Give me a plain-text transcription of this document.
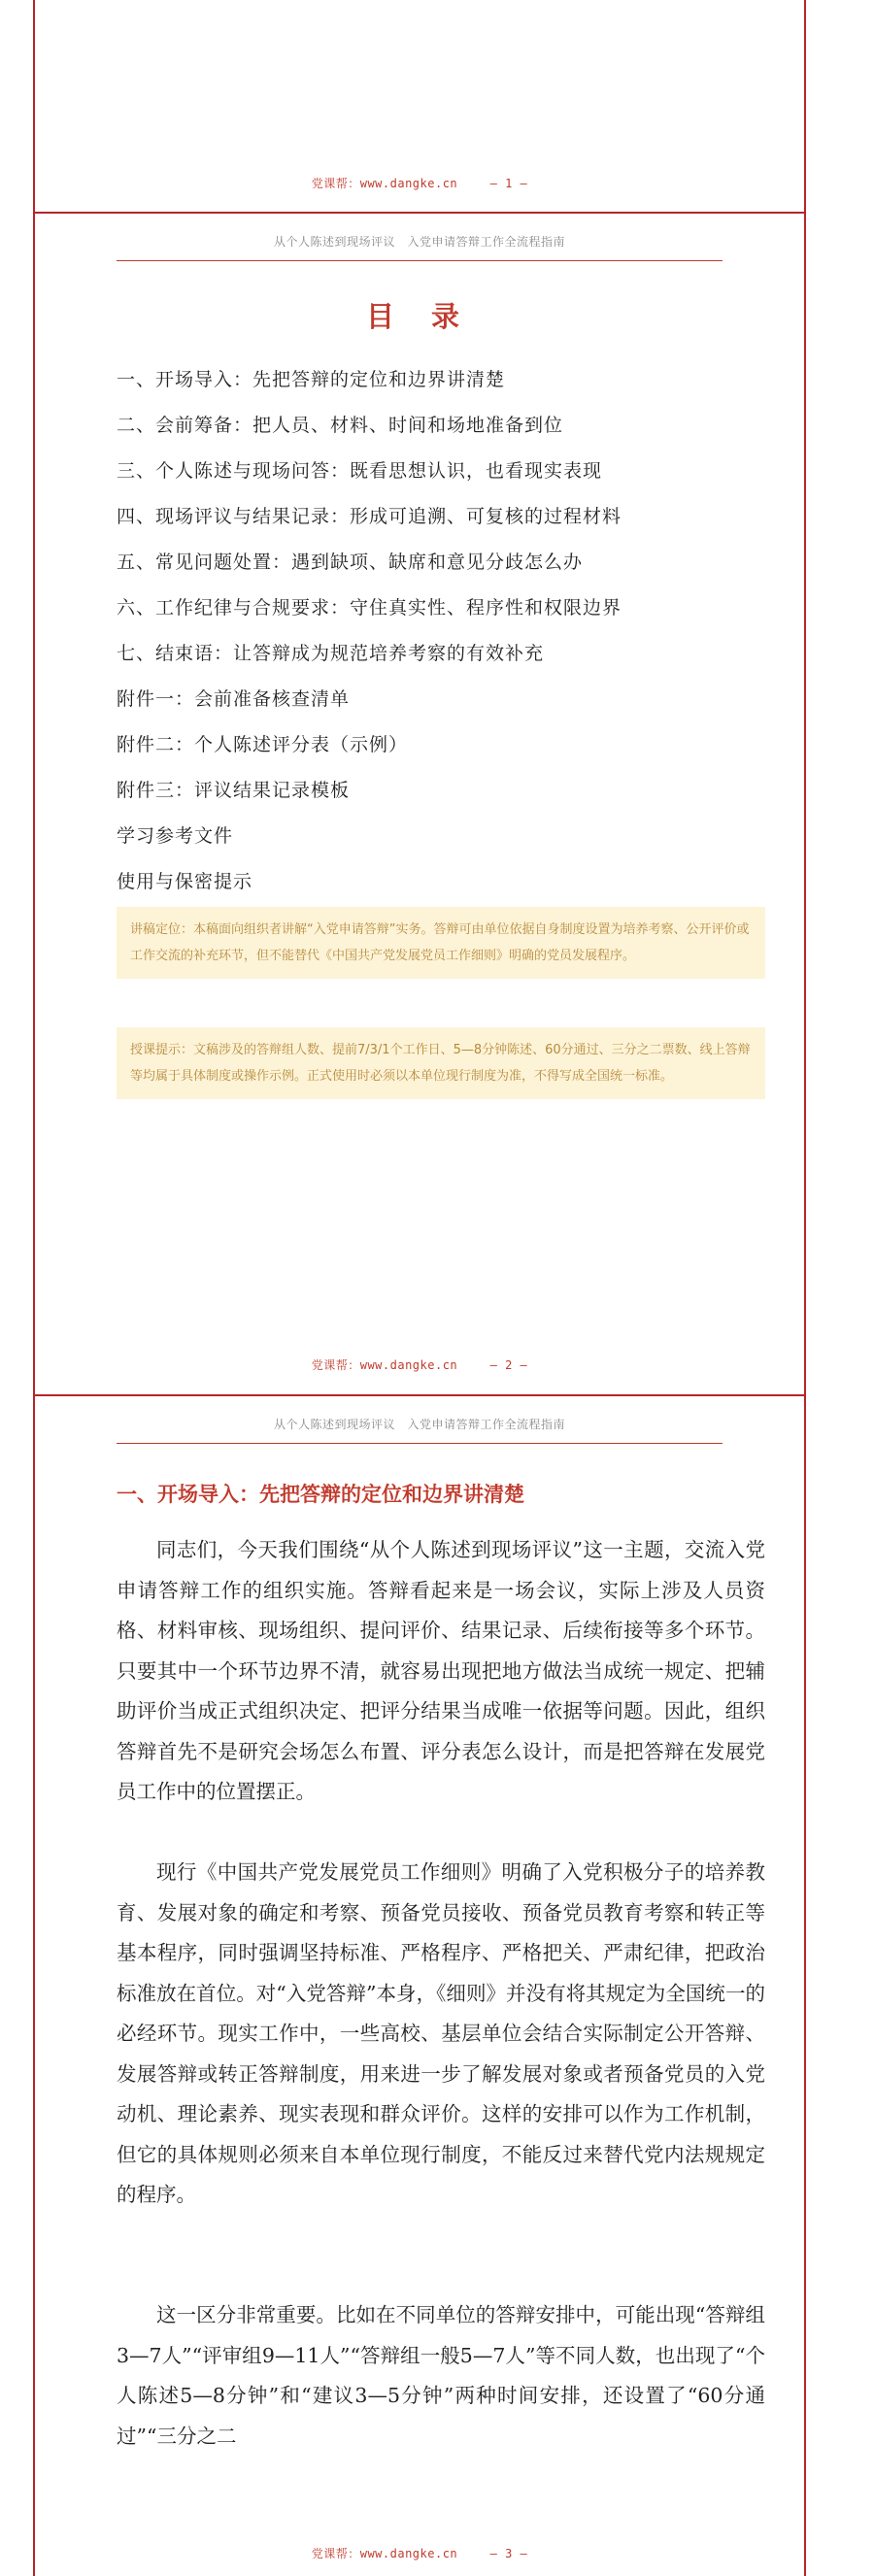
党课帮：www.dangke.cn	— 1 —
从个人陈述到现场评议　入党申请答辩工作全流程指南
目 录
一、开场导入：先把答辩的定位和边界讲清楚
二、会前筹备：把人员、材料、时间和场地准备到位
三、个人陈述与现场问答：既看思想认识，也看现实表现
四、现场评议与结果记录：形成可追溯、可复核的过程材料
五、常见问题处置：遇到缺项、缺席和意见分歧怎么办
六、工作纪律与合规要求：守住真实性、程序性和权限边界
七、结束语：让答辩成为规范培养考察的有效补充
附件一：会前准备核查清单
附件二：个人陈述评分表（示例）
附件三：评议结果记录模板
学习参考文件
使用与保密提示
讲稿定位：本稿面向组织者讲解“入党申请答辩”实务。答辩可由单位依据自身制度设置为培养考察、公开评价或工作交流的补充环节，但不能替代《中国共产党发展党员工作细则》明确的党员发展程序。
授课提示：文稿涉及的答辩组人数、提前7/3/1个工作日、5—8分钟陈述、60分通过、三分之二票数、线上答辩等均属于具体制度或操作示例。正式使用时必须以本单位现行制度为准，不得写成全国统一标准。
党课帮：www.dangke.cn	— 2 —
从个人陈述到现场评议　入党申请答辩工作全流程指南
一、开场导入：先把答辩的定位和边界讲清楚

同志们，今天我们围绕“从个人陈述到现场评议”这一主题，交流入党申请答辩工作的组织实施。答辩看起来是一场会议，实际上涉及人员资格、材料审核、现场组织、提问评价、结果记录、后续衔接等多个环节。只要其中一个环节边界不清，就容易出现把地方做法当成统一规定、把辅助评价当成正式组织决定、把评分结果当成唯一依据等问题。因此，组织答辩首先不是研究会场怎么布置、评分表怎么设计，而是把答辩在发展党员工作中的位置摆正。

现行《中国共产党发展党员工作细则》明确了入党积极分子的培养教育、发展对象的确定和考察、预备党员接收、预备党员教育考察和转正等基本程序，同时强调坚持标准、严格程序、严格把关、严肃纪律，把政治标准放在首位。对“入党答辩”本身，《细则》并没有将其规定为全国统一的必经环节。现实工作中，一些高校、基层单位会结合实际制定公开答辩、发展答辩或转正答辩制度，用来进一步了解发展对象或者预备党员的入党动机、理论素养、现实表现和群众评价。这样的安排可以作为工作机制，但它的具体规则必须来自本单位现行制度，不能反过来替代党内法规规定的程序。

这一区分非常重要。比如在不同单位的答辩安排中，可能出现“答辩组3—7人”“评审组9—11人”“答辩组一般5—7人”等不同人数，也出现了“个人陈述5—8分钟”和“建议3—5分钟”两种时间安排，还设置了“60分通过”“三分之二

党课帮：www.dangke.cn	— 3 —
